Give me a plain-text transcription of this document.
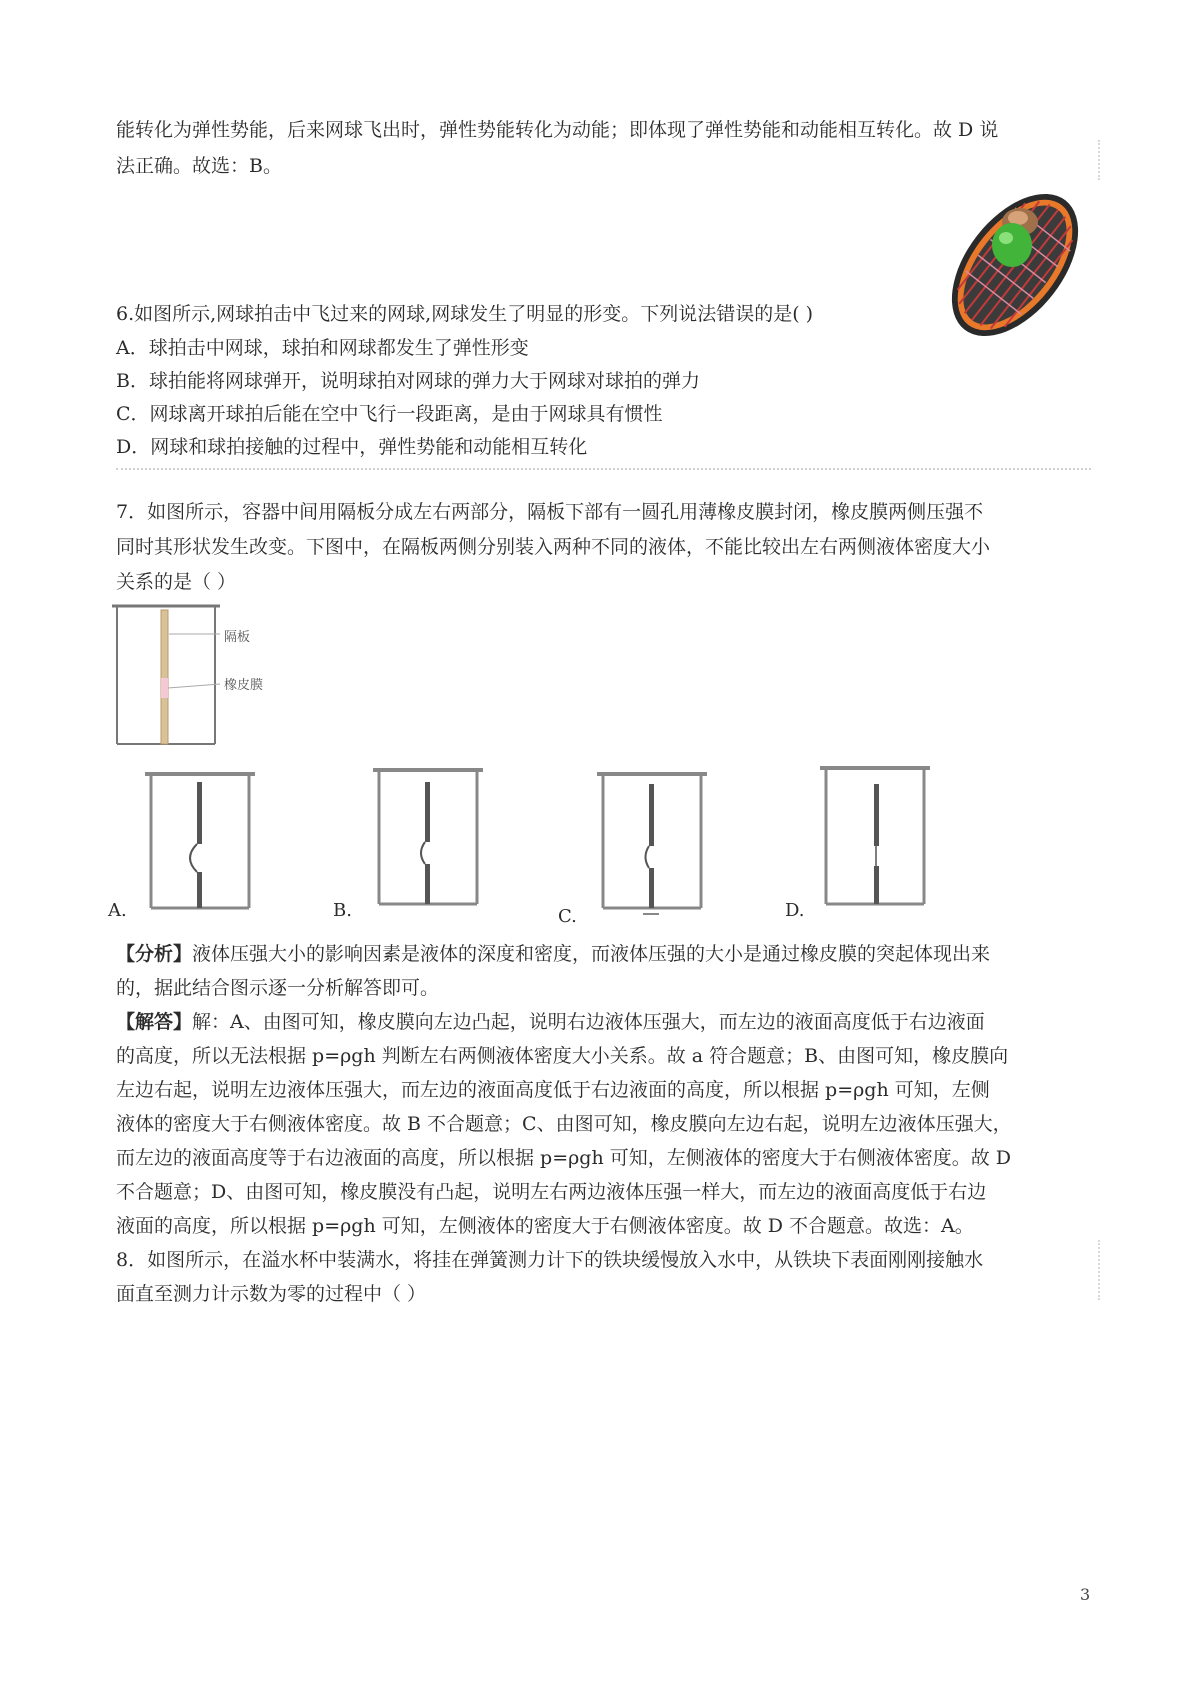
能转化为弹性势能，后来网球飞出时，弹性势能转化为动能；即体现了弹性势能和动能相互转化。故 D 说
法正确。故选：B。
6.如图所示,网球拍击中飞过来的网球,网球发生了明显的形变。下列说法错误的是( )
A．球拍击中网球，球拍和网球都发生了弹性形变
B．球拍能将网球弹开，说明球拍对网球的弹力大于网球对球拍的弹力
C．网球离开球拍后能在空中飞行一段距离，是由于网球具有惯性
D．网球和球拍接触的过程中，弹性势能和动能相互转化
7．如图所示，容器中间用隔板分成左右两部分，隔板下部有一圆孔用薄橡皮膜封闭，橡皮膜两侧压强不
同时其形状发生改变。下图中，在隔板两侧分别装入两种不同的液体，不能比较出左右两侧液体密度大小
关系的是（ ）
隔板
橡皮膜
A.	B.	C.	D.
【分析】液体压强大小的影响因素是液体的深度和密度，而液体压强的大小是通过橡皮膜的突起体现出来
的，据此结合图示逐一分析解答即可。
【解答】解：A、由图可知，橡皮膜向左边凸起，说明右边液体压强大，而左边的液面高度低于右边液面
的高度，所以无法根据 p=ρgh 判断左右两侧液体密度大小关系。故 a 符合题意；B、由图可知，橡皮膜向
左边右起，说明左边液体压强大，而左边的液面高度低于右边液面的高度，所以根据 p=ρgh 可知，左侧
液体的密度大于右侧液体密度。故 B 不合题意；C、由图可知，橡皮膜向左边右起，说明左边液体压强大，
而左边的液面高度等于右边液面的高度，所以根据 p=ρgh 可知，左侧液体的密度大于右侧液体密度。故 D
不合题意；D、由图可知，橡皮膜没有凸起，说明左右两边液体压强一样大，而左边的液面高度低于右边
液面的高度，所以根据 p=ρgh 可知，左侧液体的密度大于右侧液体密度。故 D 不合题意。故选：A。
8．如图所示，在溢水杯中装满水，将挂在弹簧测力计下的铁块缓慢放入水中，从铁块下表面刚刚接触水
面直至测力计示数为零的过程中（ ）
3
